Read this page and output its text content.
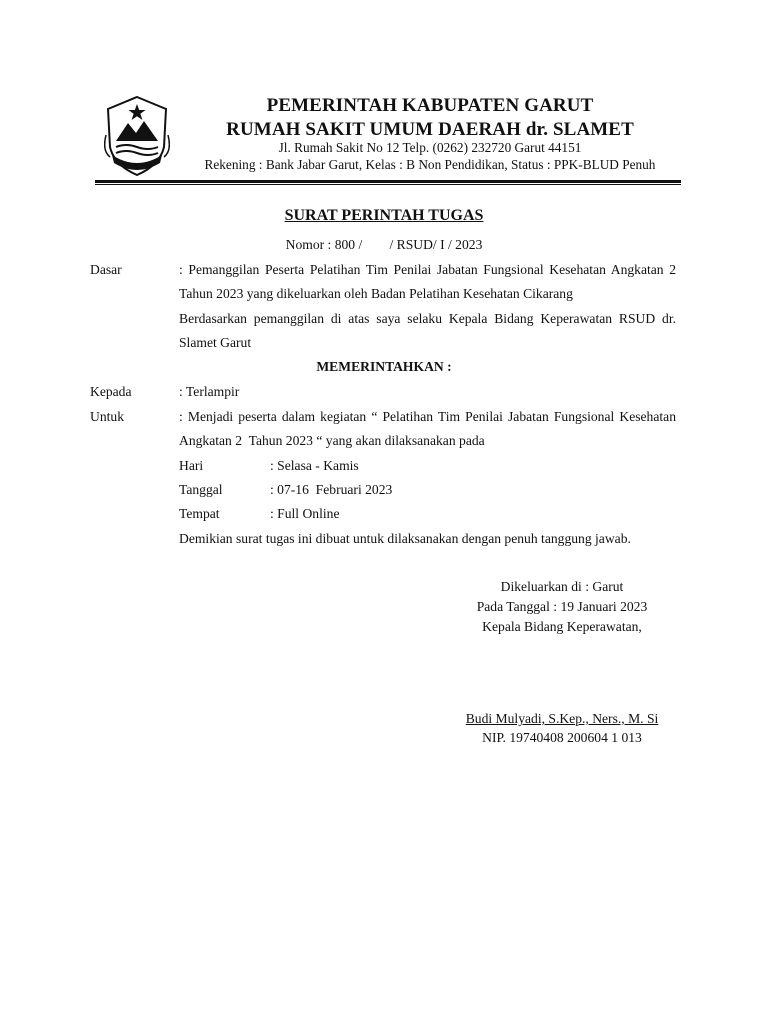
PEMERINTAH KABUPATEN GARUT
RUMAH SAKIT UMUM DAERAH dr. SLAMET
Jl. Rumah Sakit No 12 Telp. (0262) 232720 Garut 44151
Rekening : Bank Jabar Garut, Kelas : B Non Pendidikan, Status : PPK-BLUD Penuh
SURAT PERINTAH TUGAS
Nomor : 800 /        / RSUD/ I / 2023
Dasar	: Pemanggilan Peserta Pelatihan Tim Penilai Jabatan Fungsional Kesehatan Angkatan 2
Tahun 2023 yang dikeluarkan oleh Badan Pelatihan Kesehatan Cikarang
Berdasarkan pemanggilan di atas saya selaku Kepala Bidang Keperawatan RSUD dr.
Slamet Garut
MEMERINTAHKAN :
Kepada	: Terlampir
Untuk	: Menjadi peserta dalam kegiatan “ Pelatihan Tim Penilai Jabatan Fungsional Kesehatan
Angkatan 2  Tahun 2023 “ yang akan dilaksanakan pada
Hari	: Selasa - Kamis
Tanggal	: 07-16  Februari 2023
Tempat	: Full Online
Demikian surat tugas ini dibuat untuk dilaksanakan dengan penuh tanggung jawab.
Dikeluarkan di : Garut
Pada Tanggal : 19 Januari 2023
Kepala Bidang Keperawatan,
Budi Mulyadi, S.Kep., Ners., M. Si
NIP. 19740408 200604 1 013
